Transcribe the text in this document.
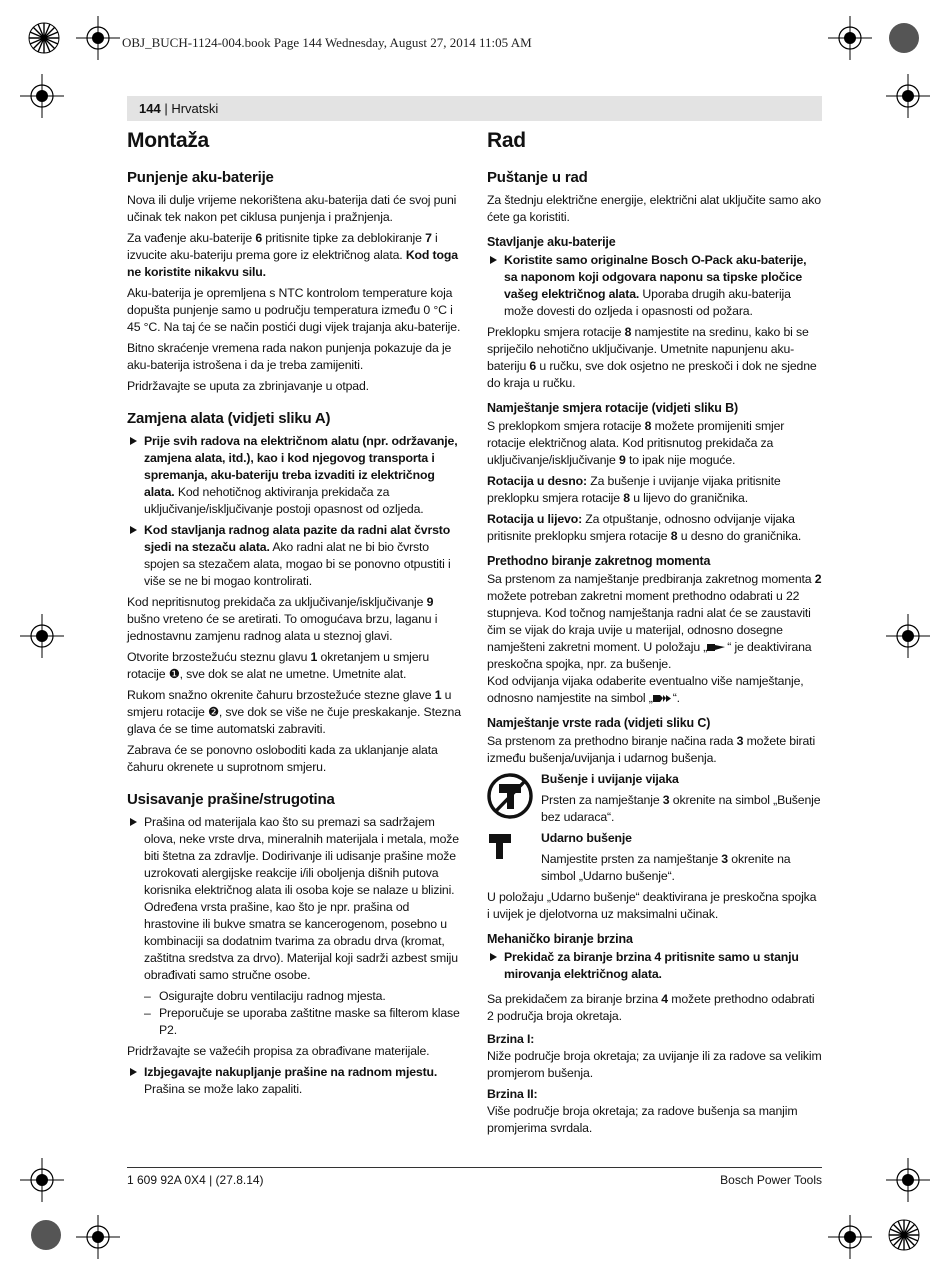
OBJ_BUCH-1124-004.book Page 144 Wednesday, August 27, 2014 11:05 AM
144 | Hrvatski
Montaža
Punjenje aku-baterije

Nova ili dulje vrijeme nekorištena aku-baterija dati će svoj puni učinak tek nakon pet ciklusa punjenja i pražnjenja.

Za vađenje aku-baterije 6 pritisnite tipke za deblokiranje 7 i izvucite aku-bateriju prema gore iz električnog alata. Kod toga ne koristite nikakvu silu.

Aku-baterija je opremljena s NTC kontrolom temperature koja dopušta punjenje samo u području temperatura između 0 °C i 45 °C. Na taj će se način postići dugi vijek trajanja aku-baterije.

Bitno skraćenje vremena rada nakon punjenja pokazuje da je aku-baterija istrošena i da je treba zamijeniti.

Pridržavajte se uputa za zbrinjavanje u otpad.

Zamjena alata (vidjeti sliku A)
Prije svih radova na električnom alatu (npr. održavanje, zamjena alata, itd.), kao i kod njegovog transporta i spremanja, aku-bateriju treba izvaditi iz električnog alata. Kod nehotičnog aktiviranja prekidača za uključivanje/isključivanje postoji opasnost od ozljeda.
Kod stavljanja radnog alata pazite da radni alat čvrsto sjedi na stezaču alata. Ako radni alat ne bi bio čvrsto spojen sa stezačem alata, mogao bi se ponovno otpustiti i više se ne bi mogao kontrolirati.

Kod nepritisnutog prekidača za uključivanje/isključivanje 9 bušno vreteno će se aretirati. To omogućava brzu, laganu i jednostavnu zamjenu radnog alata u steznoj glavi.

Otvorite brzostežuću steznu glavu 1 okretanjem u smjeru rotacije ❶, sve dok se alat ne umetne. Umetnite alat.

Rukom snažno okrenite čahuru brzostežuće stezne glave 1 u smjeru rotacije ❷, sve dok se više ne čuje preskakanje. Stezna glava će se time automatski zabraviti.

Zabrava će se ponovno osloboditi kada za uklanjanje alata čahuru okrenete u suprotnom smjeru.

Usisavanje prašine/strugotina
Prašina od materijala kao što su premazi sa sadržajem olova, neke vrste drva, mineralnih materijala i metala, može biti štetna za zdravlje. Dodirivanje ili udisanje prašine može uzrokovati alergijske reakcije i/ili oboljenja dišnih putova korisnika električnog alata ili osoba koje se nalaze u blizini.
Određena vrsta prašine, kao što je npr. prašina od hrastovine ili bukve smatra se kancerogenom, posebno u kombinaciji sa dodatnim tvarima za obradu drva (kromat, zaštitna sredstva za drvo). Materijal koji sadrži azbest smiju obrađivati samo stručne osobe.
– Osigurajte dobru ventilaciju radnog mjesta.
– Preporučuje se uporaba zaštitne maske sa filterom klase P2.

Pridržavajte se važećih propisa za obrađivane materijale.

Izbjegavajte nakupljanje prašine na radnom mjestu.
Prašina se može lako zapaliti.
Rad
Puštanje u rad

Za štednju električne energije, električni alat uključite samo ako ćete ga koristiti.

Stavljanje aku-baterije
Koristite samo originalne Bosch O-Pack aku-baterije, sa naponom koji odgovara naponu sa tipske pločice vašeg električnog alata. Uporaba drugih aku-baterija može dovesti do ozljeda i opasnosti od požara.

Preklopku smjera rotacije 8 namjestite na sredinu, kako bi se spriječilo nehotično uključivanje. Umetnite napunjenu aku-bateriju 6 u ručku, sve dok osjetno ne preskoči i dok ne sjedne do kraja u ručku.

Namještanje smjera rotacije (vidjeti sliku B)

S preklopkom smjera rotacije 8 možete promijeniti smjer rotacije električnog alata. Kod pritisnutog prekidača za uključivanje/isključivanje 9 to ipak nije moguće.

Rotacija u desno: Za bušenje i uvijanje vijaka pritisnite preklopku smjera rotacije 8 u lijevo do graničnika.

Rotacija u lijevo: Za otpuštanje, odnosno odvijanje vijaka pritisnite preklopku smjera rotacije 8 u desno do graničnika.

Prethodno biranje zakretnog momenta

Sa prstenom za namještanje predbiranja zakretnog momenta 2 možete potreban zakretni moment prethodno odabrati u 22 stupnjeva. Kod točnog namještanja radni alat će se zaustaviti čim se vijak do kraja uvije u materijal, odnosno dosegne namješteni zakretni moment. U položaju „ “ je deaktivirana preskočna spojka, npr. za bušenje.

Kod odvijanja vijaka odaberite eventualno više namještanje, odnosno namjestite na simbol „ “.

Namještanje vrste rada (vidjeti sliku C)

Sa prstenom za prethodno biranje načina rada 3 možete birati između bušenja/uvijanja i udarnog bušenja.

Bušenje i uvijanje vijaka
Prsten za namještanje 3 okrenite na simbol „Bušenje bez udaraca“.
Udarno bušenje
Namjestite prsten za namještanje 3 okrenite na simbol „Udarno bušenje“.

U položaju „Udarno bušenje“ deaktivirana je preskočna spojka i uvijek je djelotvorna uz maksimalni učinak.

Mehaničko biranje brzina
Prekidač za biranje brzina 4 pritisnite samo u stanju mirovanja električnog alata.

Sa prekidačem za biranje brzina 4 možete prethodno odabrati 2 područja broja okretaja.

Brzina I:

Niže područje broja okretaja; za uvijanje ili za radove sa velikim promjerom bušenja.

Brzina II:

Više područje broja okretaja; za radove bušenja sa manjim promjerima svrdala.

1 609 92A 0X4 | (27.8.14)	Bosch Power Tools
